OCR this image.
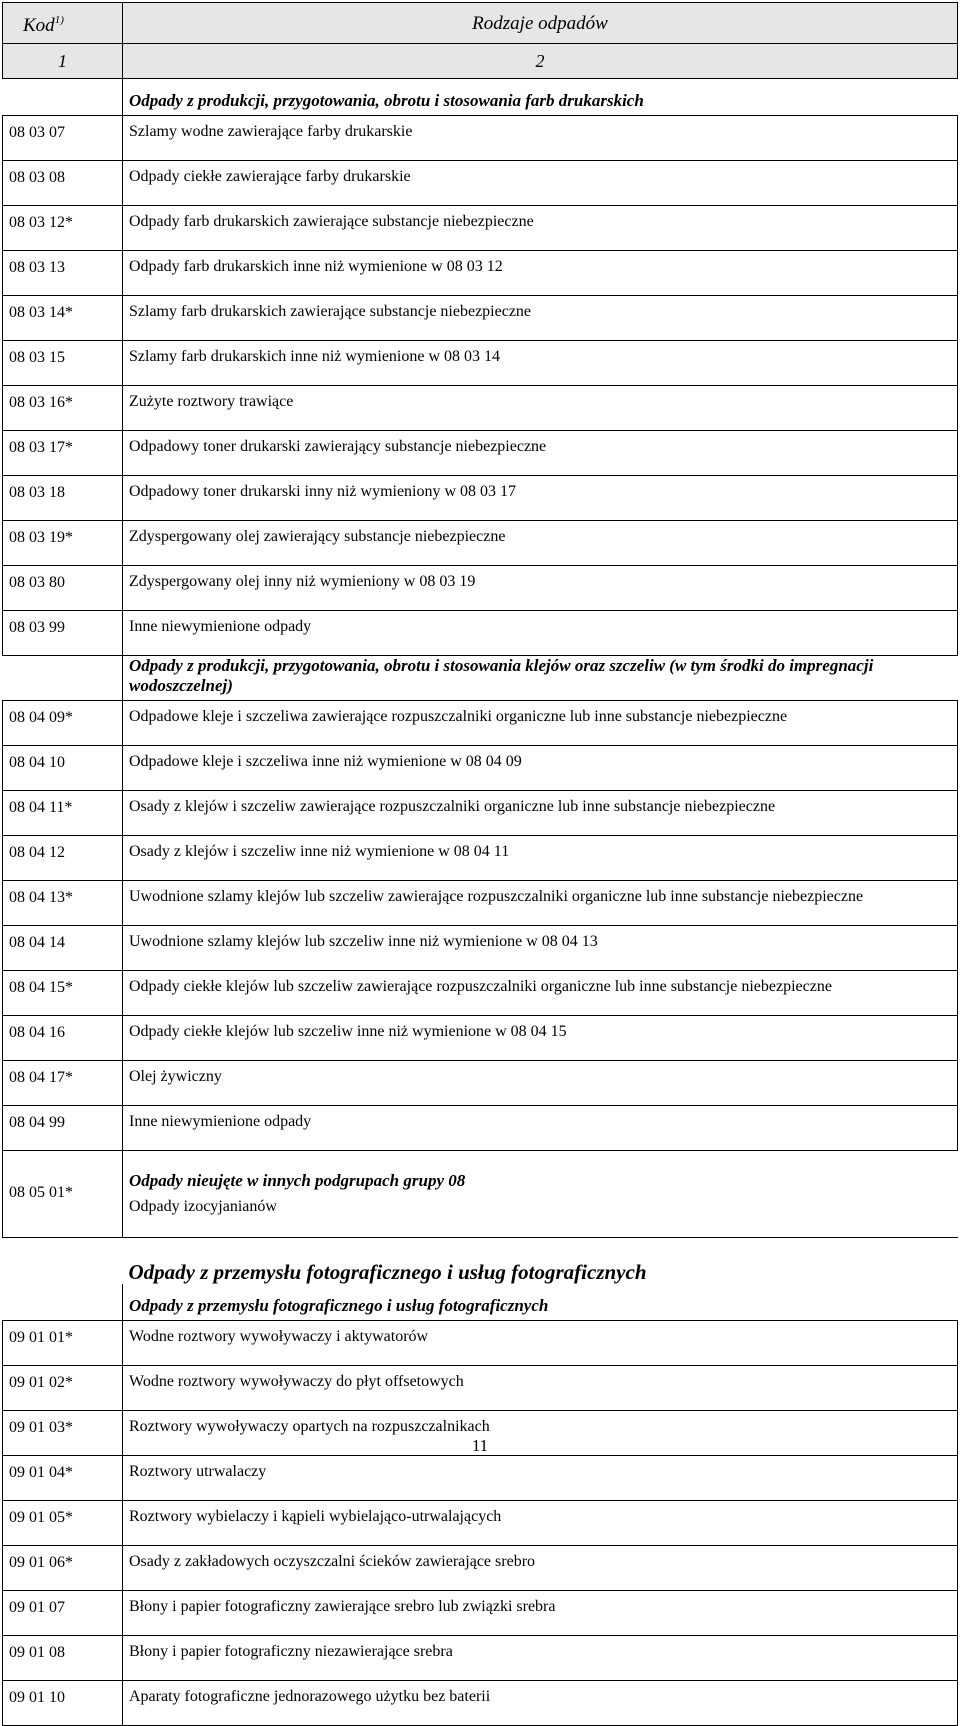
Kod$^{1)}$	Rodzaje odpadów
1	2
	Odpady z produkcji, przygotowania, obrotu i stosowania farb drukarskich
08 03 07	Szlamy wodne zawierające farby drukarskie
08 03 08	Odpady ciekłe zawierające farby drukarskie
08 03 12*	Odpady farb drukarskich zawierające substancje niebezpieczne
08 03 13	Odpady farb drukarskich inne niż wymienione w 08 03 12
08 03 14*	Szlamy farb drukarskich zawierające substancje niebezpieczne
08 03 15	Szlamy farb drukarskich inne niż wymienione w 08 03 14
08 03 16*	Zużyte roztwory trawiące
08 03 17*	Odpadowy toner drukarski zawierający substancje niebezpieczne
08 03 18	Odpadowy toner drukarski inny niż wymieniony w 08 03 17
08 03 19*	Zdyspergowany olej zawierający substancje niebezpieczne
08 03 80	Zdyspergowany olej inny niż wymieniony w 08 03 19
08 03 99	Inne niewymienione odpady
	Odpady z produkcji, przygotowania, obrotu i stosowania klejów oraz szczeliw (w tym środki do impregnacji wodoszczelnej)
08 04 09*	Odpadowe kleje i szczeliwa zawierające rozpuszczalniki organiczne lub inne substancje niebezpieczne
08 04 10	Odpadowe kleje i szczeliwa inne niż wymienione w 08 04 09
08 04 11*	Osady z klejów i szczeliw zawierające rozpuszczalniki organiczne lub inne substancje niebezpieczne
08 04 12	Osady z klejów i szczeliw inne niż wymienione w 08 04 11
08 04 13*	Uwodnione szlamy klejów lub szczeliw zawierające rozpuszczalniki organiczne lub inne substancje niebezpieczne
08 04 14	Uwodnione szlamy klejów lub szczeliw inne niż wymienione w 08 04 13
08 04 15*	Odpady ciekłe klejów lub szczeliw zawierające rozpuszczalniki organiczne lub inne substancje niebezpieczne
08 04 16	Odpady ciekłe klejów lub szczeliw inne niż wymienione w 08 04 15
08 04 17*	Olej żywiczny
08 04 99	Inne niewymienione odpady
08 05 01*	Odpady nieujęte w innych podgrupach grupy 08
	Odpady izocyjanianów
	Odpady z przemysłu fotograficznego i usług fotograficznych
	Odpady z przemysłu fotograficznego i usług fotograficznych
09 01 01*	Wodne roztwory wywoływaczy i aktywatorów
09 01 02*	Wodne roztwory wywoływaczy do płyt offsetowych
09 01 03*	Roztwory wywoływaczy opartych na rozpuszczalnikach
09 01 04*	Roztwory utrwalaczy
09 01 05*	Roztwory wybielaczy i kąpieli wybielająco-utrwalających
09 01 06*	Osady z zakładowych oczyszczalni ścieków zawierające srebro
09 01 07	Błony i papier fotograficzny zawierające srebro lub związki srebra
09 01 08	Błony i papier fotograficzny niezawierające srebra
09 01 10	Aparaty fotograficzne jednorazowego użytku bez baterii
11
